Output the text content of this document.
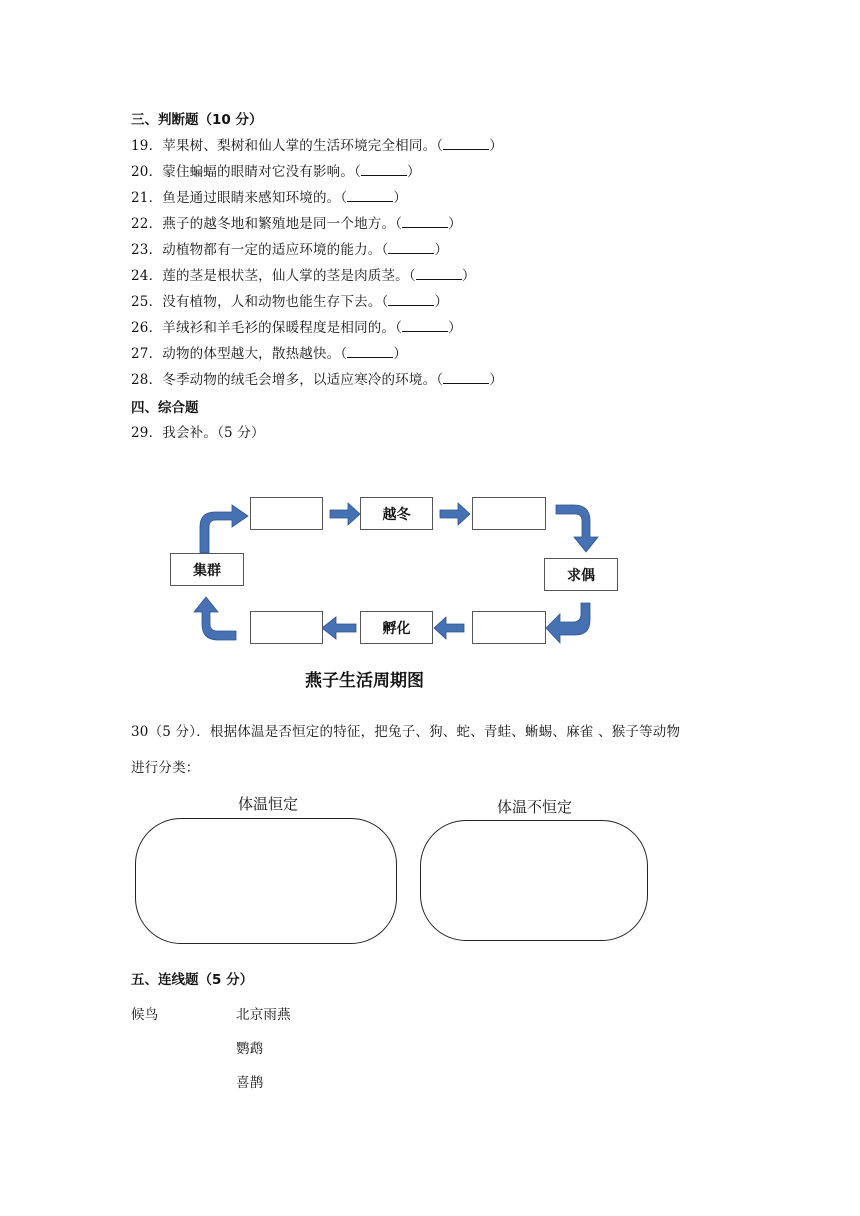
三、判断题（10 分）
19．苹果树、梨树和仙人掌的生活环境完全相同。（	）
20．蒙住蝙蝠的眼睛对它没有影响。（	）
21．鱼是通过眼睛来感知环境的。（	）
22．燕子的越冬地和繁殖地是同一个地方。（	）
23．动植物都有一定的适应环境的能力。（	）
24．莲的茎是根状茎，仙人掌的茎是肉质茎。（	）
25．没有植物，人和动物也能生存下去。（	）
26．羊绒衫和羊毛衫的保暖程度是相同的。（	）
27．动物的体型越大，散热越快。（	）
28．冬季动物的绒毛会增多，以适应寒冷的环境。（	）
四、综合题
29．我会补。（5 分）
越冬
求偶
孵化
集群
燕子生活周期图
30（5 分）．根据体温是否恒定的特征，把兔子、狗、蛇、青蛙、蜥蜴、麻雀 、猴子等动物
进行分类：
体温恒定	体温不恒定
五、连线题（5 分）
候鸟	北京雨燕
鹦鹉
喜鹊
